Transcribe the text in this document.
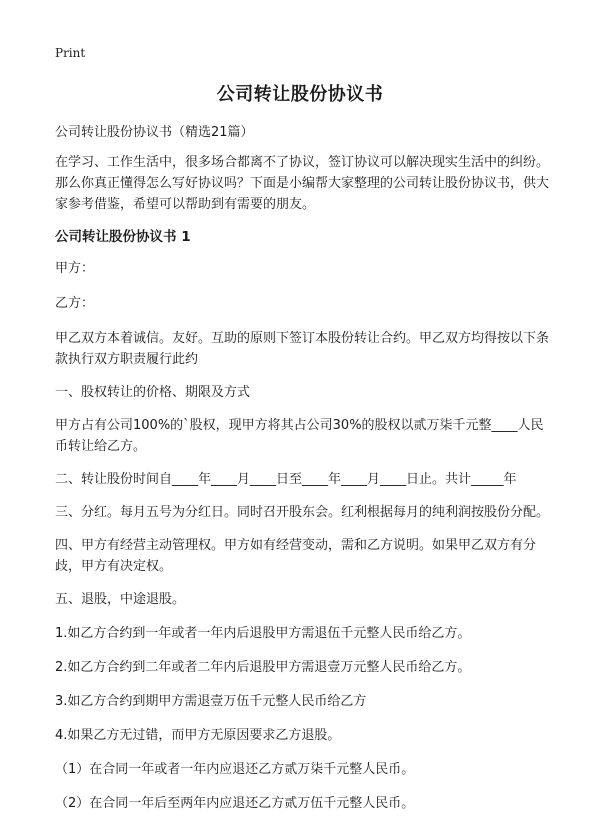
Print
公司转让股份协议书

公司转让股份协议书（精选21篇）

在学习、工作生活中，很多场合都离不了协议，签订协议可以解决现实生活中的纠纷。那么你真正懂得怎么写好协议吗？下面是小编帮大家整理的公司转让股份协议书，供大家参考借鉴，希望可以帮助到有需要的朋友。

公司转让股份协议书 1

甲方：

乙方：

甲乙双方本着诚信。友好。互助的原则下签订本股份转让合约。甲乙双方均得按以下条款执行双方职责履行此约

一、股权转让的价格、期限及方式

甲方占有公司100%的`股权，现甲方将其占公司30%的股权以贰万柒千元整____人民币转让给乙方。

二、转让股份时间自____年____月____日至____年____月____日止。共计_____年

三、分红。每月五号为分红日。同时召开股东会。红利根据每月的纯利润按股份分配。

四、甲方有经营主动管理权。甲方如有经营变动，需和乙方说明。如果甲乙双方有分歧，甲方有决定权。

五、退股，中途退股。

1.如乙方合约到一年或者一年内后退股甲方需退伍千元整人民币给乙方。

2.如乙方合约到二年或者二年内后退股甲方需退壹万元整人民币给乙方。

3.如乙方合约到期甲方需退壹万伍千元整人民币给乙方

4.如果乙方无过错，而甲方无原因要求乙方退股。

（1）在合同一年或者一年内应退还乙方贰万柒千元整人民币。

（2）在合同一年后至两年内应退还乙方贰万伍千元整人民币。
